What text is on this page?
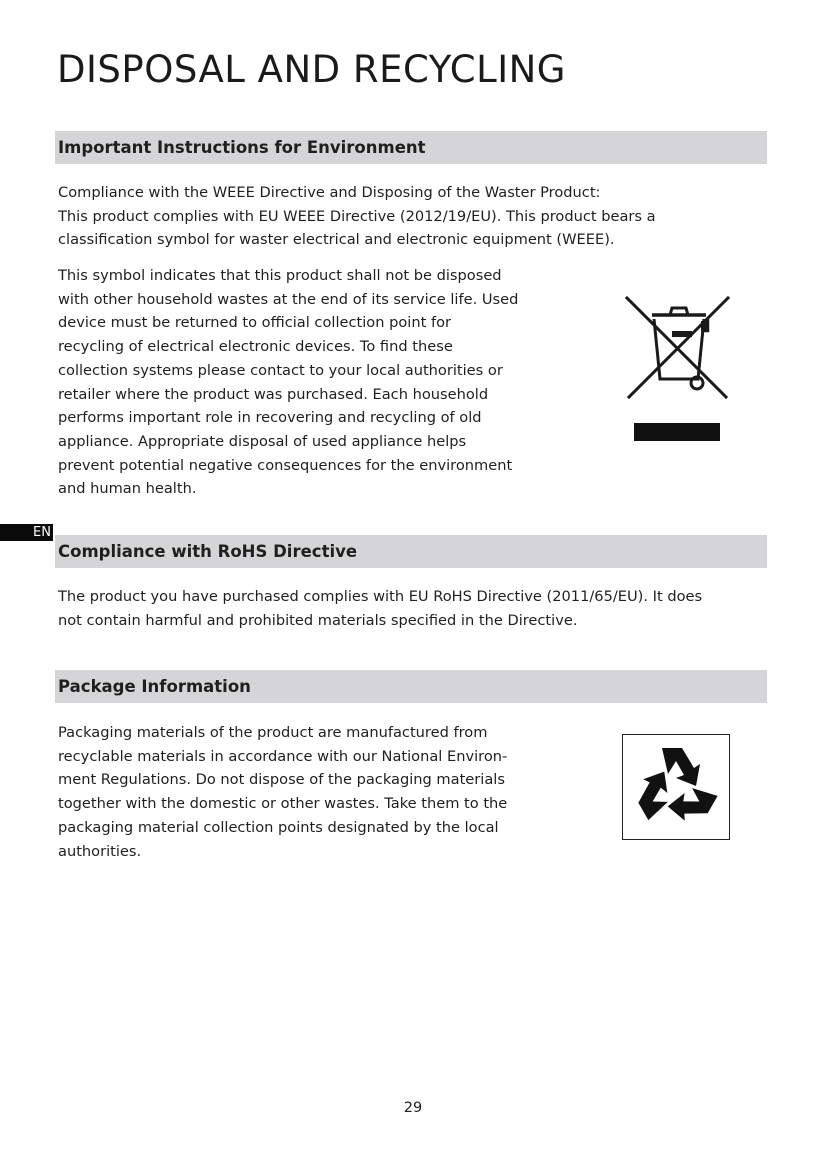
DISPOSAL AND RECYCLING
Important Instructions for Environment

Compliance with the WEEE Directive and Disposing of the Waster Product:
This product complies with EU WEEE Directive (2012/19/EU). This product bears a
classification symbol for waster electrical and electronic equipment (WEEE).

This symbol indicates that this product shall not be disposed
with other household wastes at the end of its service life. Used
device must be returned to official collection point for
recycling of electrical electronic devices. To find these
collection systems please contact to your local authorities or
retailer where the product was purchased. Each household
performs important role in recovering and recycling of old
appliance. Appropriate disposal of used appliance helps
prevent potential negative consequences for the environment
and human health.

EN
Compliance with RoHS Directive

The product you have purchased complies with EU RoHS Directive (2011/65/EU). It does
not contain harmful and prohibited materials specified in the Directive.

Package Information

Packaging materials of the product are manufactured from
recyclable materials in accordance with our National Environ-
ment Regulations. Do not dispose of the packaging materials
together with the domestic or other wastes. Take them to the
packaging material collection points designated by the local
authorities.

29
